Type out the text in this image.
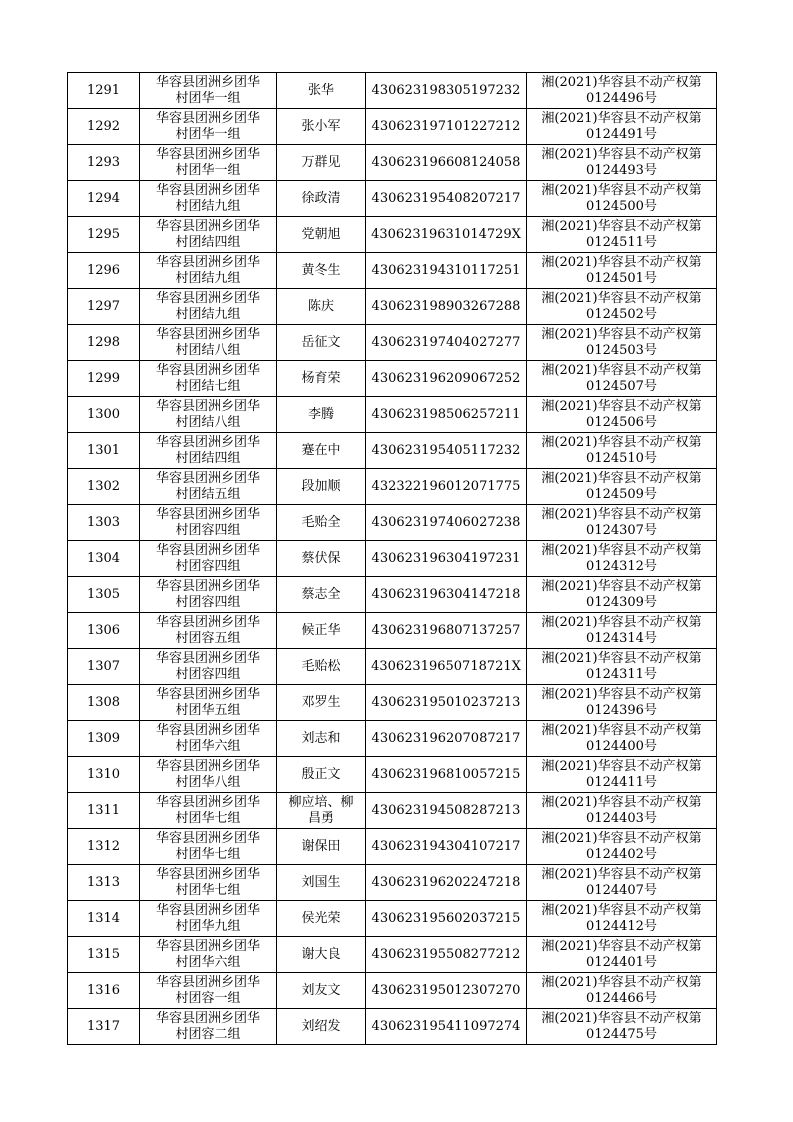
1291	华容县团洲乡团华
村团华一组	张华	430623198305197232	湘(2021)华容县不动产权第
0124496号

1292	华容县团洲乡团华
村团华一组	张小军	430623197101227212	湘(2021)华容县不动产权第
0124491号

1293	华容县团洲乡团华
村团华一组	万群见	430623196608124058	湘(2021)华容县不动产权第
0124493号

1294	华容县团洲乡团华
村团结九组	徐政清	430623195408207217	湘(2021)华容县不动产权第
0124500号

1295	华容县团洲乡团华
村团结四组	党朝旭	43062319631014729X	湘(2021)华容县不动产权第
0124511号

1296	华容县团洲乡团华
村团结九组	黄冬生	430623194310117251	湘(2021)华容县不动产权第
0124501号

1297	华容县团洲乡团华
村团结九组	陈庆	430623198903267288	湘(2021)华容县不动产权第
0124502号

1298	华容县团洲乡团华
村团结八组	岳征文	430623197404027277	湘(2021)华容县不动产权第
0124503号

1299	华容县团洲乡团华
村团结七组	杨育荣	430623196209067252	湘(2021)华容县不动产权第
0124507号

1300	华容县团洲乡团华
村团结八组	李腾	430623198506257211	湘(2021)华容县不动产权第
0124506号

1301	华容县团洲乡团华
村团结四组	蹇在中	430623195405117232	湘(2021)华容县不动产权第
0124510号

1302	华容县团洲乡团华
村团结五组	段加顺	432322196012071775	湘(2021)华容县不动产权第
0124509号

1303	华容县团洲乡团华
村团容四组	毛贻全	430623197406027238	湘(2021)华容县不动产权第
0124307号

1304	华容县团洲乡团华
村团容四组	蔡伏保	430623196304197231	湘(2021)华容县不动产权第
0124312号

1305	华容县团洲乡团华
村团容四组	蔡志全	430623196304147218	湘(2021)华容县不动产权第
0124309号

1306	华容县团洲乡团华
村团容五组	候正华	430623196807137257	湘(2021)华容县不动产权第
0124314号

1307	华容县团洲乡团华
村团容四组	毛贻松	43062319650718721X	湘(2021)华容县不动产权第
0124311号

1308	华容县团洲乡团华
村团华五组	邓罗生	430623195010237213	湘(2021)华容县不动产权第
0124396号

1309	华容县团洲乡团华
村团华六组	刘志和	430623196207087217	湘(2021)华容县不动产权第
0124400号

1310	华容县团洲乡团华
村团华八组	殷正文	430623196810057215	湘(2021)华容县不动产权第
0124411号

1311	华容县团洲乡团华
村团华七组	柳应培、柳
昌勇	430623194508287213	湘(2021)华容县不动产权第
0124403号

1312	华容县团洲乡团华
村团华七组	谢保田	430623194304107217	湘(2021)华容县不动产权第
0124402号

1313	华容县团洲乡团华
村团华七组	刘国生	430623196202247218	湘(2021)华容县不动产权第
0124407号

1314	华容县团洲乡团华
村团华九组	侯光荣	430623195602037215	湘(2021)华容县不动产权第
0124412号

1315	华容县团洲乡团华
村团华六组	谢大良	430623195508277212	湘(2021)华容县不动产权第
0124401号

1316	华容县团洲乡团华
村团容一组	刘友文	430623195012307270	湘(2021)华容县不动产权第
0124466号

1317	华容县团洲乡团华
村团容二组	刘绍发	430623195411097274	湘(2021)华容县不动产权第
0124475号
